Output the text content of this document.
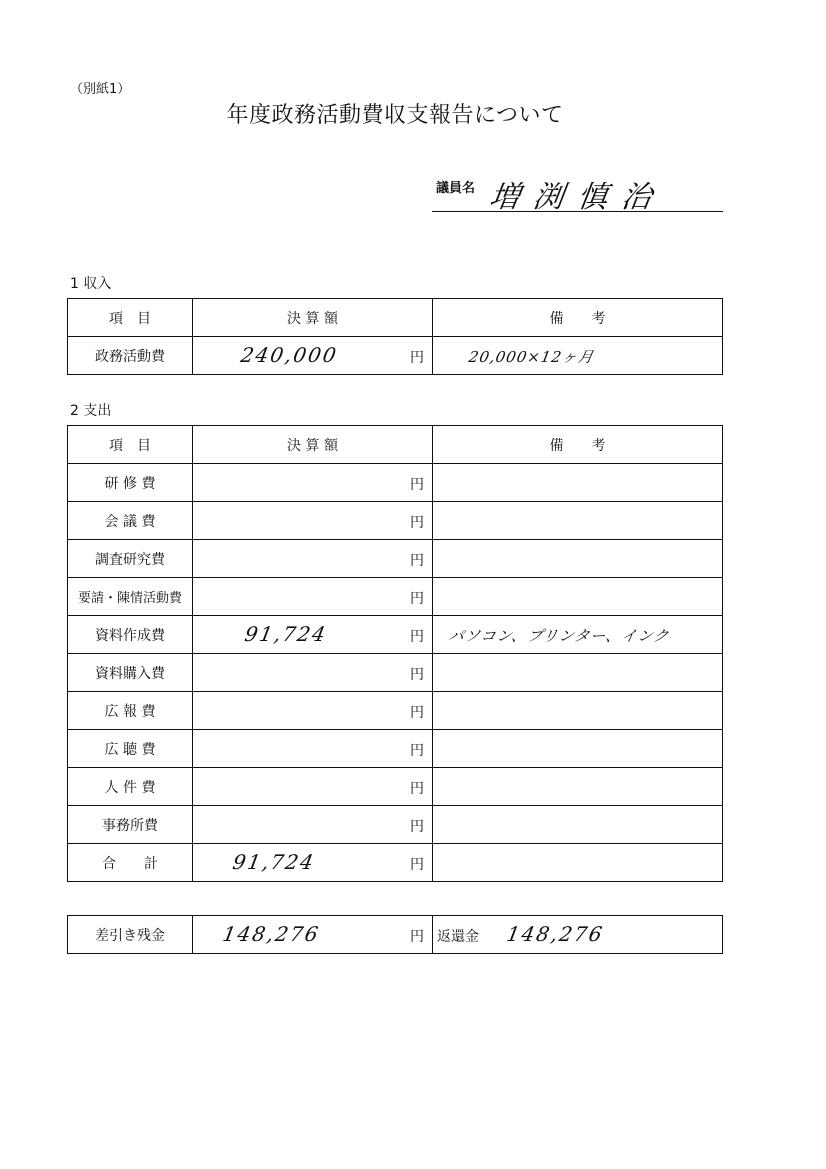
（別紙1）
年度政務活動費収支報告について
議員名 増渕慎治
1 収入
項　目	決 算 額	備　　考
政務活動費	240,000 円	20,000×12ヶ月
2 支出
項　目	決 算 額	備　　考
研 修 費	円	

会 議 費	円	

調査研究費	円	

要請・陳情活動費	円	

資料作成費	91,724 円	パソコン、プリンター、インク

資料購入費	円	

広 報 費	円	

広 聴 費	円	

人 件 費	円	

事務所費	円	

合　　計	91,724 円	

差引き残金	148,276	円	返還金 148,276
